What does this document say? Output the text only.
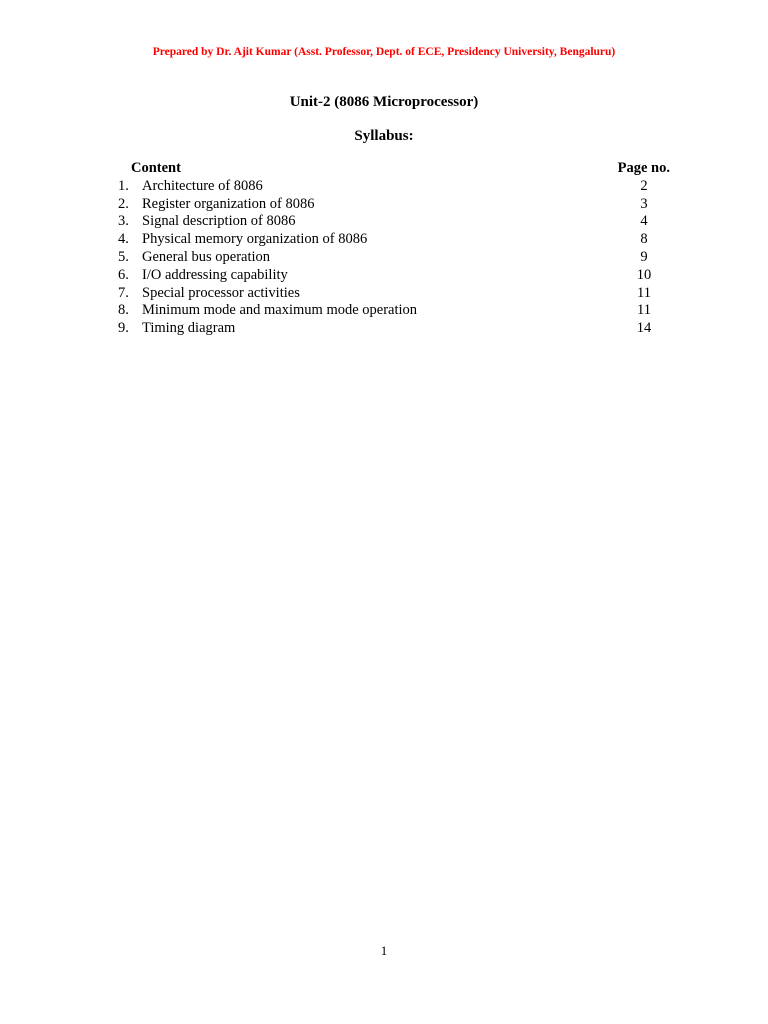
Prepared by Dr. Ajit Kumar (Asst. Professor, Dept. of ECE, Presidency University, Bengaluru)
Unit-2 (8086 Microprocessor)
Syllabus:
Content	Page no.
1. Architecture of 8086	2
2. Register organization of 8086	3
3. Signal description of 8086	4
4. Physical memory organization of 8086	8
5. General bus operation	9
6. I/O addressing capability	10
7. Special processor activities	11
8. Minimum mode and maximum mode operation	11
9. Timing diagram	14
1
